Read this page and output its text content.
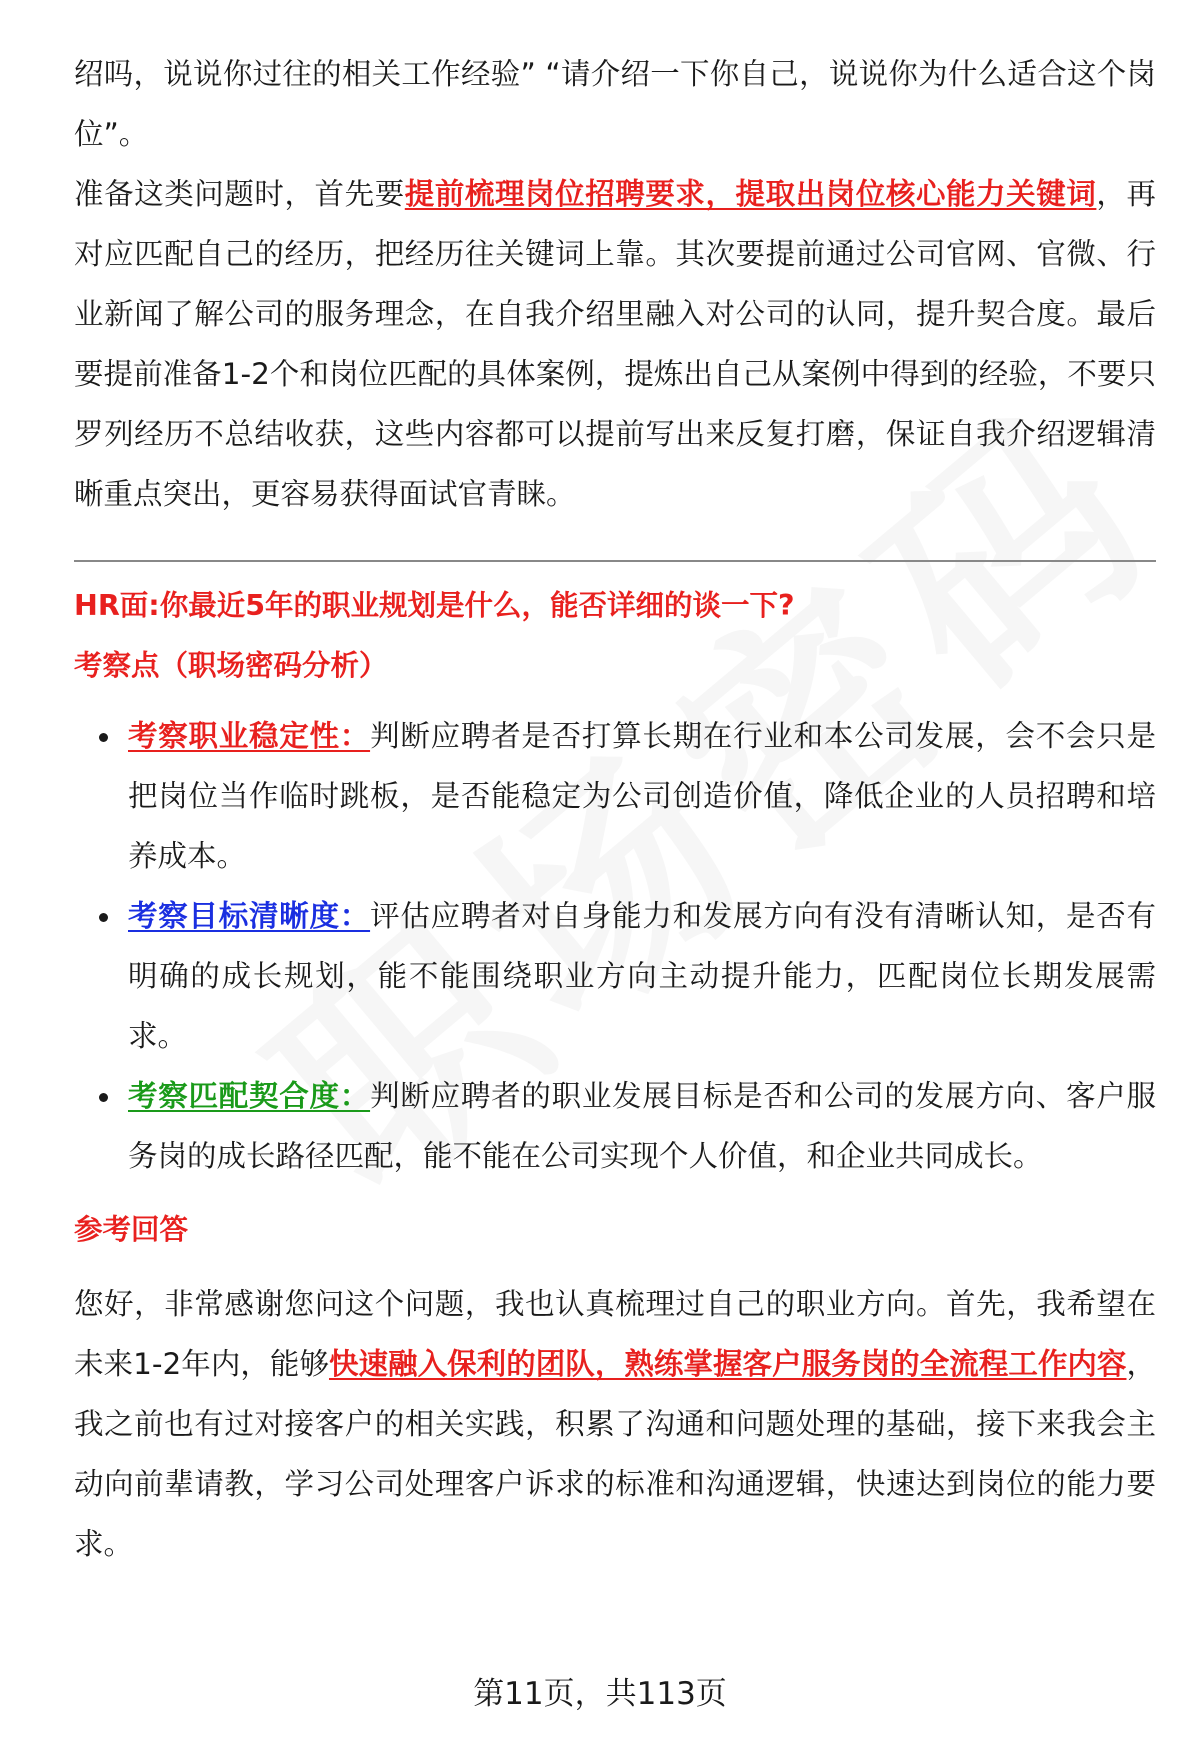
绍吗，说说你过往的相关工作经验” “请介绍一下你自己，说说你为什么适合这个岗位”。

准备这类问题时，首先要提前梳理岗位招聘要求，提取出岗位核心能力关键词，再对应匹配自己的经历，把经历往关键词上靠。其次要提前通过公司官网、官微、行业新闻了解公司的服务理念，在自我介绍里融入对公司的认同，提升契合度。最后要提前准备1-2个和岗位匹配的具体案例，提炼出自己从案例中得到的经验，不要只罗列经历不总结收获，这些内容都可以提前写出来反复打磨，保证自我介绍逻辑清晰重点突出，更容易获得面试官青睐。

HR面:你最近5年的职业规划是什么，能否详细的谈一下?
考察点（职场密码分析）
考察职业稳定性：判断应聘者是否打算长期在行业和本公司发展，会不会只是把岗位当作临时跳板，是否能稳定为公司创造价值，降低企业的人员招聘和培养成本。
考察目标清晰度：评估应聘者对自身能力和发展方向有没有清晰认知，是否有明确的成长规划，能不能围绕职业方向主动提升能力，匹配岗位长期发展需求。
考察匹配契合度：判断应聘者的职业发展目标是否和公司的发展方向、客户服务岗的成长路径匹配，能不能在公司实现个人价值，和企业共同成长。
参考回答

您好，非常感谢您问这个问题，我也认真梳理过自己的职业方向。首先，我希望在未来1-2年内，能够快速融入保利的团队，熟练掌握客户服务岗的全流程工作内容，我之前也有过对接客户的相关实践，积累了沟通和问题处理的基础，接下来我会主动向前辈请教，学习公司处理客户诉求的标准和沟通逻辑，快速达到岗位的能力要求。

第11页，共113页
